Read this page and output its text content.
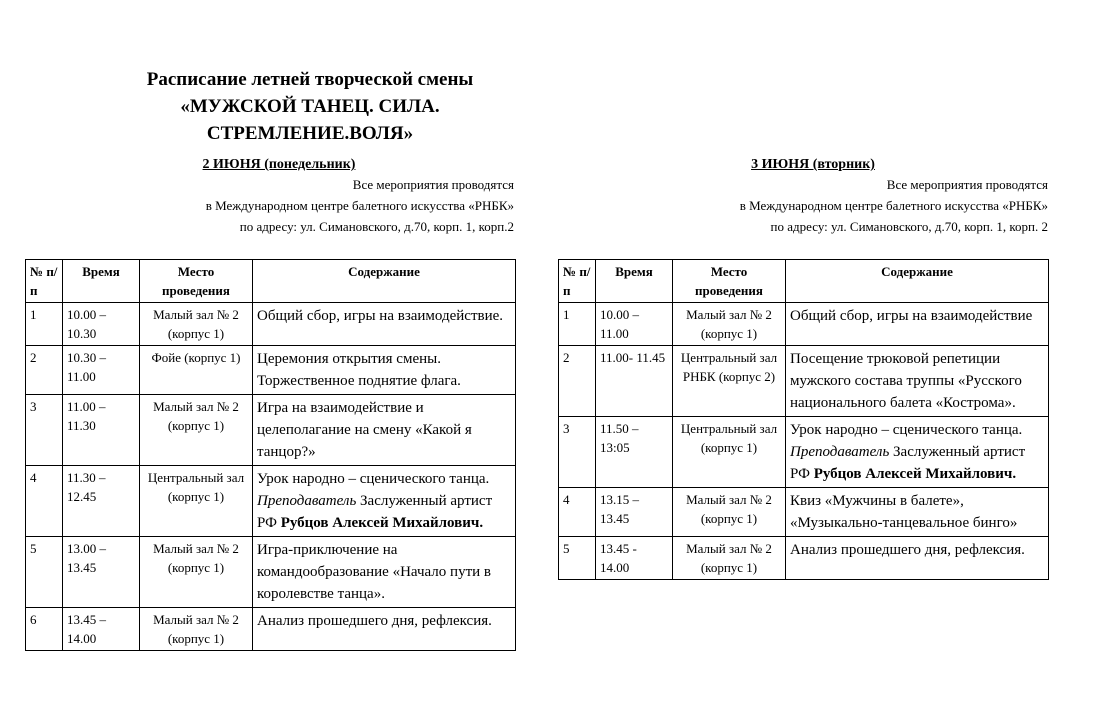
Расписание летней творческой смены
«МУЖСКОЙ ТАНЕЦ. СИЛА.
СТРЕМЛЕНИЕ.ВОЛЯ»

2 ИЮНЯ (понедельник)

Все мероприятия проводятся
в Международном центре балетного искусства «РНБК»
по адресу: ул. Симановского, д.70, корп. 1, корп.2

3 ИЮНЯ (вторник)

Все мероприятия проводятся
в Международном центре балетного искусства «РНБК»
по адресу: ул. Симановского, д.70, корп. 1, корп. 2
№ п/п	Время	Место проведения	Содержание
1	10.00 – 10.30	Малый зал № 2 (корпус 1)	Общий сбор, игры на взаимодействие.
2	10.30 – 11.00	Фойе (корпус 1)	Церемония открытия смены. Торжественное поднятие флага.
3	11.00 – 11.30	Малый зал № 2 (корпус 1)	Игра на взаимодействие и целеполагание на смену «Какой я танцор?»
4	11.30 – 12.45	Центральный зал (корпус 1)	Урок народно – сценического танца.
Преподаватель Заслуженный артист РФ Рубцов Алексей Михайлович.
5	13.00 – 13.45	Малый зал № 2 (корпус 1)	Игра-приключение на командообразование «Начало пути в королевстве танца».
6	13.45 – 14.00	Малый зал № 2 (корпус 1)	Анализ прошедшего дня, рефлексия.
№ п/п	Время	Место проведения	Содержание
1	10.00 – 11.00	Малый зал № 2 (корпус 1)	Общий сбор, игры на взаимодействие
2	11.00- 11.45	Центральный зал РНБК (корпус 2)	Посещение трюковой репетиции мужского состава труппы «Русского национального балета «Кострома».
3	11.50 – 13:05	Центральный зал (корпус 1)	Урок народно – сценического танца.
Преподаватель Заслуженный артист РФ Рубцов Алексей Михайлович.
4	13.15 – 13.45	Малый зал № 2 (корпус 1)	Квиз «Мужчины в балете», «Музыкально-танцевальное бинго»
5	13.45 - 14.00	Малый зал № 2 (корпус 1)	Анализ прошедшего дня, рефлексия.
